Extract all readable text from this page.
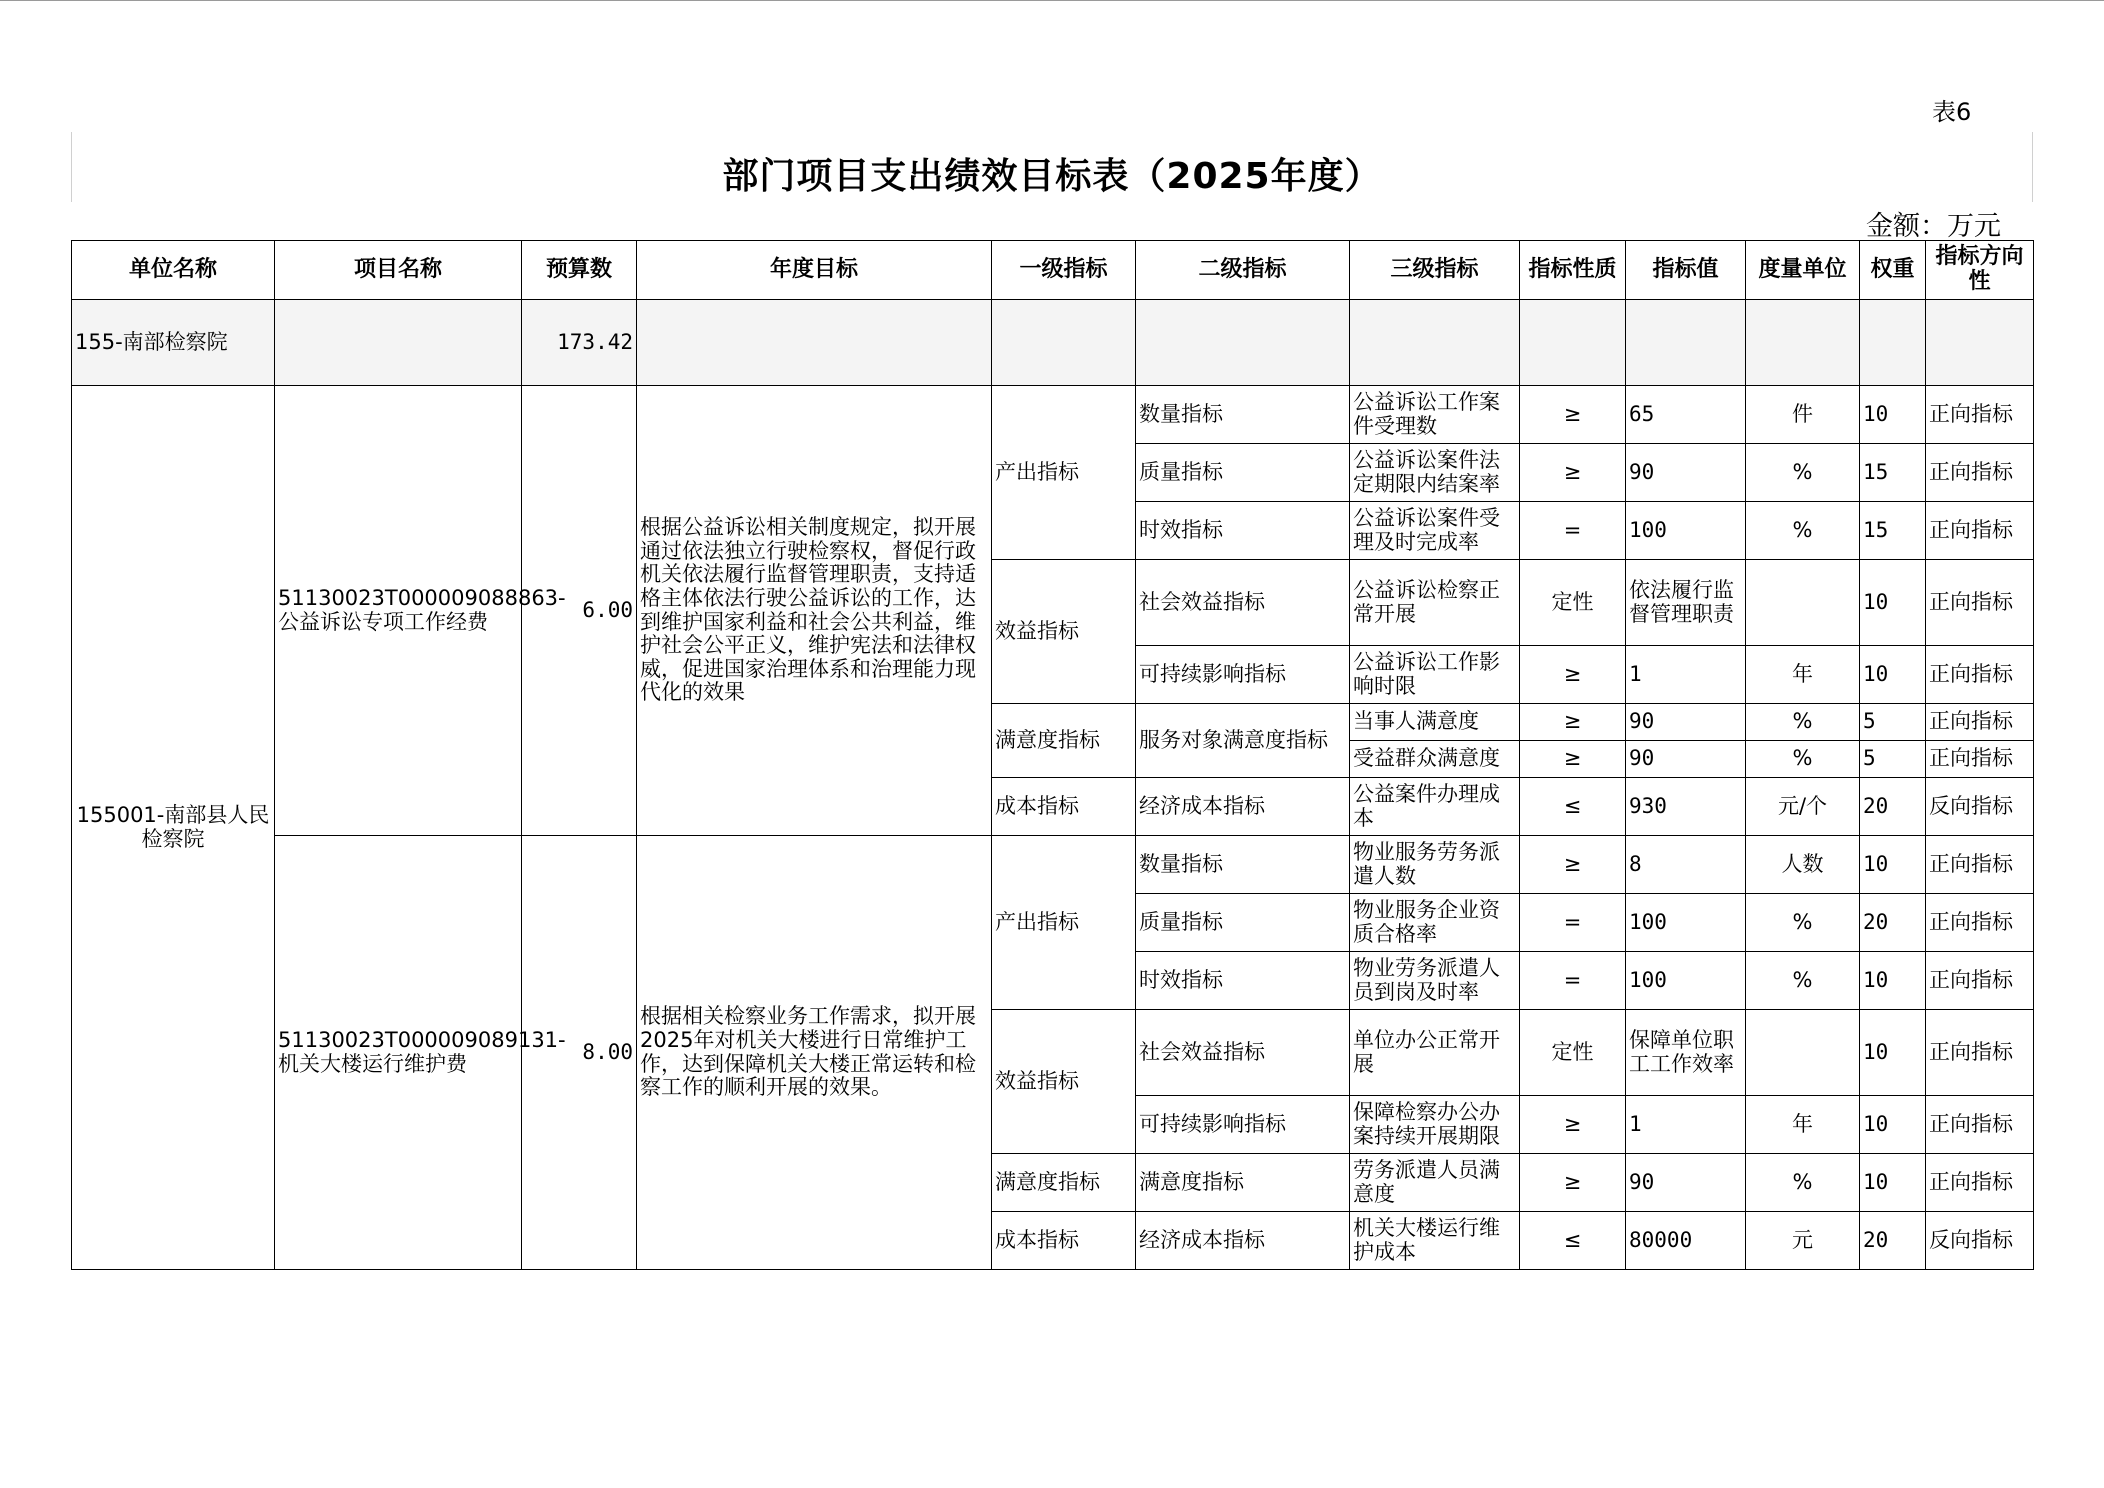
表6
部门项目支出绩效目标表（2025年度）
金额：万元
单位名称	项目名称	预算数	年度目标	一级指标	二级指标	三级指标	指标性质	指标值	度量单位	权重	指标方向性
155-南部检察院		173.42									
155001-南部县人民检察院	51130023T000009088863-公益诉讼专项工作经费	6.00	根据公益诉讼相关制度规定，拟开展通过依法独立行驶检察权，督促行政机关依法履行监督管理职责，支持适格主体依法行驶公益诉讼的工作，达到维护国家利益和社会公共利益，维护社会公平正义，维护宪法和法律权威，促进国家治理体系和治理能力现代化的效果	产出指标	数量指标	公益诉讼工作案件受理数	≥	65	件	10	正向指标
					质量指标	公益诉讼案件法定期限内结案率	≥	90	%	15	正向指标
					时效指标	公益诉讼案件受理及时完成率	=	100	%	15	正向指标
				效益指标	社会效益指标	公益诉讼检察正常开展	定性	依法履行监督管理职责		10	正向指标
					可持续影响指标	公益诉讼工作影响时限	≥	1	年	10	正向指标
				满意度指标	服务对象满意度指标	当事人满意度	≥	90	%	5	正向指标
						受益群众满意度	≥	90	%	5	正向指标
				成本指标	经济成本指标	公益案件办理成本	≤	930	元/个	20	反向指标
	51130023T000009089131-机关大楼运行维护费	8.00	根据相关检察业务工作需求，拟开展2025年对机关大楼进行日常维护工作，达到保障机关大楼正常运转和检察工作的顺利开展的效果。	产出指标	数量指标	物业服务劳务派遣人数	≥	8	人数	10	正向指标
					质量指标	物业服务企业资质合格率	=	100	%	20	正向指标
					时效指标	物业劳务派遣人员到岗及时率	=	100	%	10	正向指标
				效益指标	社会效益指标	单位办公正常开展	定性	保障单位职工工作效率		10	正向指标
					可持续影响指标	保障检察办公办案持续开展期限	≥	1	年	10	正向指标
				满意度指标	满意度指标	劳务派遣人员满意度	≥	90	%	10	正向指标
				成本指标	经济成本指标	机关大楼运行维护成本	≤	80000	元	20	反向指标
